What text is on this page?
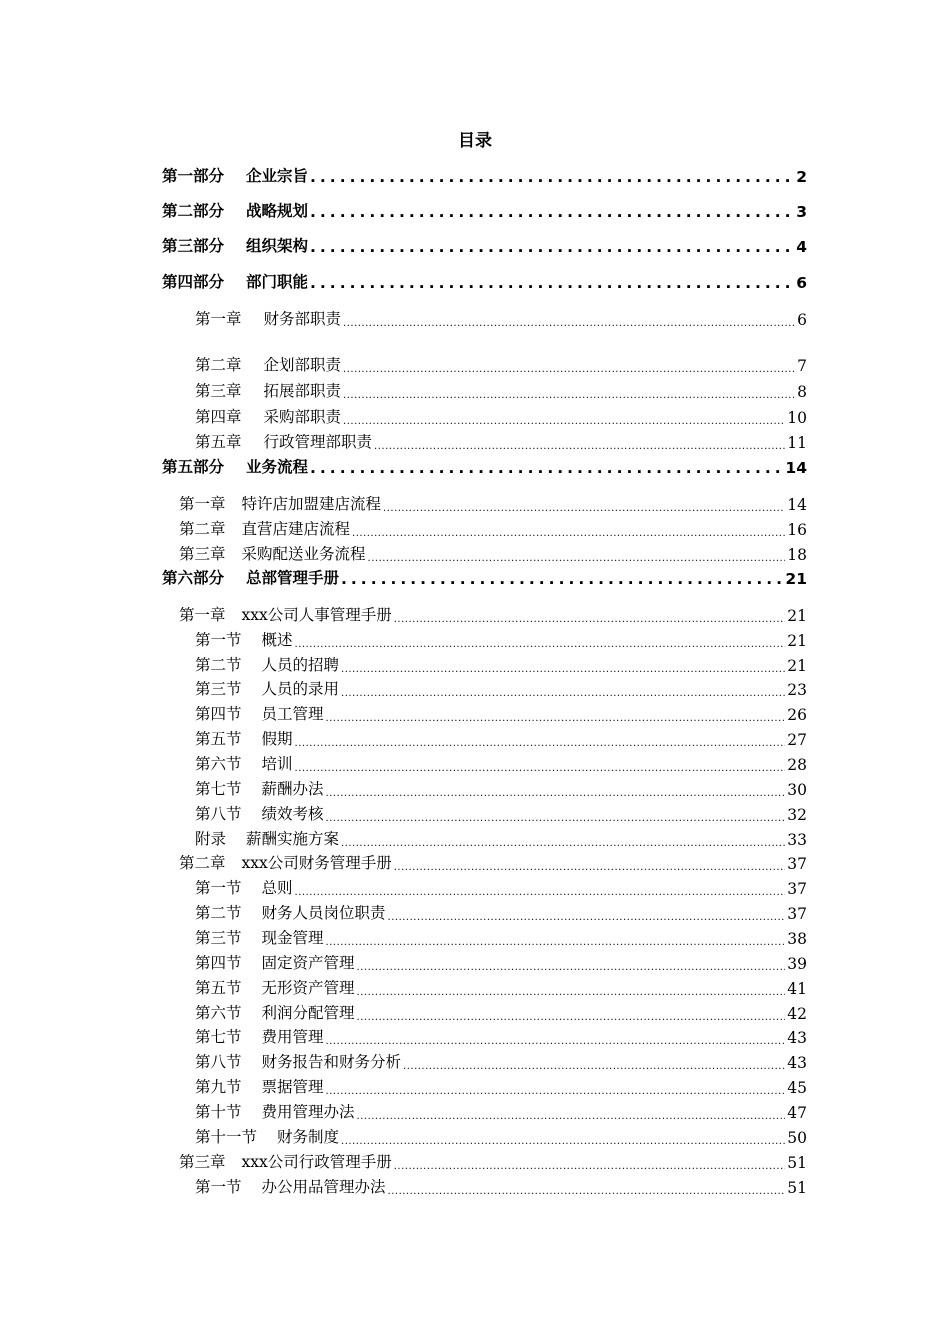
目录
第一部分 企业宗旨 .....	2
第二部分 战略规划 .....	3
第三部分 组织架构 .....	4
第四部分 部门职能 .....	6
第一章 财务部职责 .....	6
第二章 企划部职责 .....	7
第三章 拓展部职责 .....	8
第四章 采购部职责 .....	10
第五章 行政管理部职责 .....	11
第五部分 业务流程 .....	14
第一章 特许店加盟建店流程 .....	14
第二章 直营店建店流程 .....	16
第三章 采购配送业务流程 .....	18
第六部分 总部管理手册 .....	21
第一章 xxx公司人事管理手册 .....	21
第一节 概述 .....	21
第二节 人员的招聘 .....	21
第三节 人员的录用 .....	23
第四节 员工管理 .....	26
第五节 假期 .....	27
第六节 培训 .....	28
第七节 薪酬办法 .....	30
第八节 绩效考核 .....	32
附录 薪酬实施方案 .....	33
第二章 xxx公司财务管理手册 .....	37
第一节 总则 .....	37
第二节 财务人员岗位职责 .....	37
第三节 现金管理 .....	38
第四节 固定资产管理 .....	39
第五节 无形资产管理 .....	41
第六节 利润分配管理 .....	42
第七节 费用管理 .....	43
第八节 财务报告和财务分析 .....	43
第九节 票据管理 .....	45
第十节 费用管理办法 .....	47
第十一节 财务制度 .....	50
第三章 xxx公司行政管理手册 .....	51
第一节 办公用品管理办法 .....	51
